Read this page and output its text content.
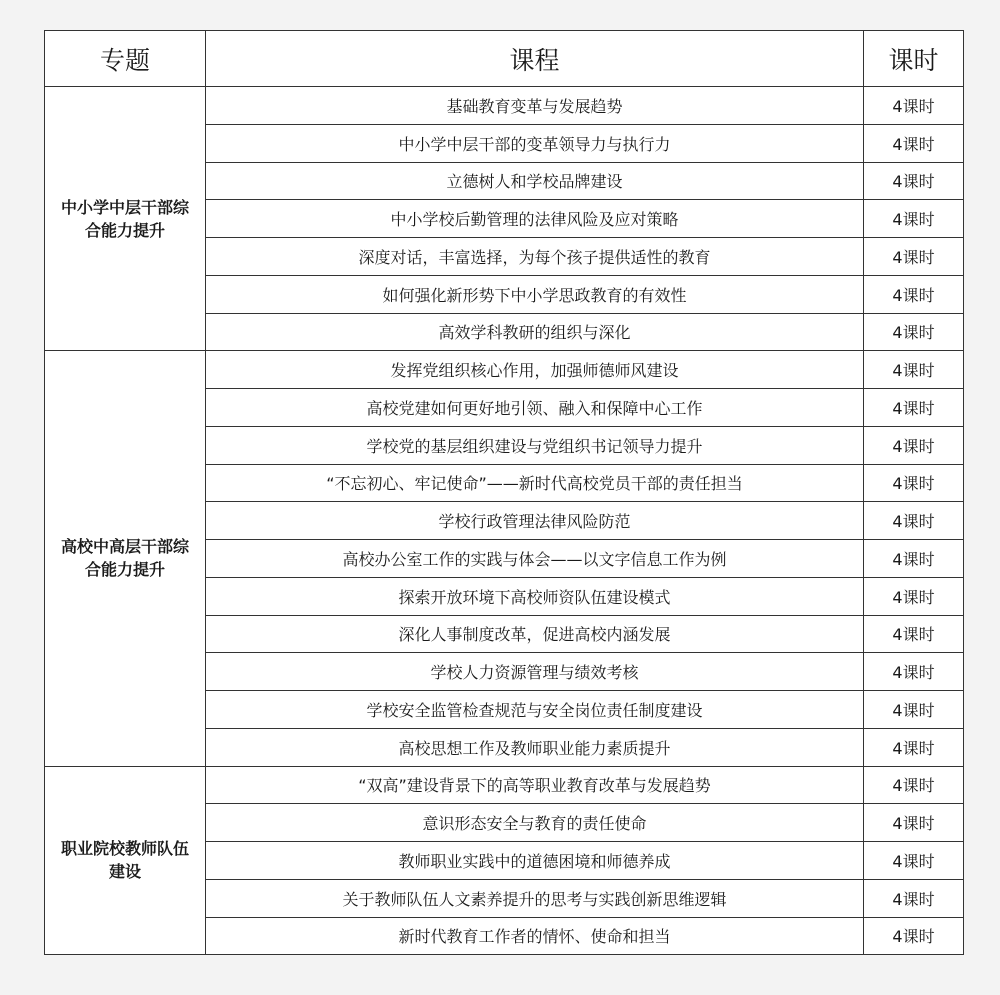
专题	课程	课时
中小学中层干部综合能力提升	基础教育变革与发展趋势	4课时
	中小学中层干部的变革领导力与执行力	4课时
	立德树人和学校品牌建设	4课时
	中小学校后勤管理的法律风险及应对策略	4课时
	深度对话，丰富选择，为每个孩子提供适性的教育	4课时
	如何强化新形势下中小学思政教育的有效性	4课时
	高效学科教研的组织与深化	4课时
高校中高层干部综合能力提升	发挥党组织核心作用，加强师德师风建设	4课时
	高校党建如何更好地引领、融入和保障中心工作	4课时
	学校党的基层组织建设与党组织书记领导力提升	4课时
	“不忘初心、牢记使命”——新时代高校党员干部的责任担当	4课时
	学校行政管理法律风险防范	4课时
	高校办公室工作的实践与体会——以文字信息工作为例	4课时
	探索开放环境下高校师资队伍建设模式	4课时
	深化人事制度改革，促进高校内涵发展	4课时
	学校人力资源管理与绩效考核	4课时
	学校安全监管检查规范与安全岗位责任制度建设	4课时
	高校思想工作及教师职业能力素质提升	4课时
职业院校教师队伍建设	“双高”建设背景下的高等职业教育改革与发展趋势	4课时
	意识形态安全与教育的责任使命	4课时
	教师职业实践中的道德困境和师德养成	4课时
	关于教师队伍人文素养提升的思考与实践创新思维逻辑	4课时
	新时代教育工作者的情怀、使命和担当	4课时
